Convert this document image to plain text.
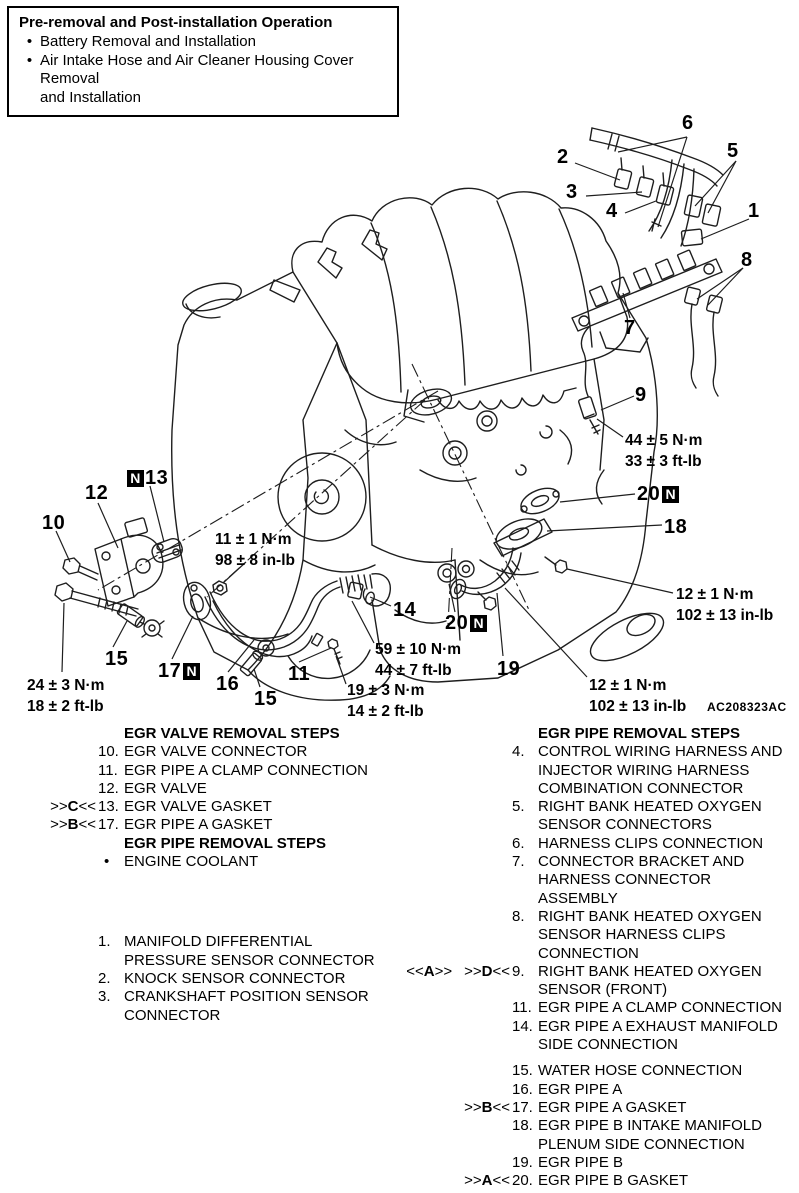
Pre-removal and Post-installation Operation
• Battery Removal and Installation
• Air Intake Hose and Air Cleaner Housing Cover Removal
and Installation
1
2
3
4
5
6
7
8
9
10
11
12
N 13
14
15
15
16
17 N
18
19
20 N
20 N
44 ± 5 N·m
33 ± 3 ft-lb
11 ± 1 N·m
98 ± 8 in-lb
24 ± 3 N·m
18 ± 2 ft-lb
59 ± 10 N·m
44 ± 7 ft-lb
19 ± 3 N·m
14 ± 2 ft-lb
12 ± 1 N·m
102 ± 13 in-lb
12 ± 1 N·m
102 ± 13 in-lb AC208323AC
EGR VALVE REMOVAL STEPS
10. EGR VALVE CONNECTOR
11. EGR PIPE A CLAMP CONNECTION
12. EGR VALVE
>>C<< 13. EGR VALVE GASKET
>>B<< 17. EGR PIPE A GASKET
EGR PIPE REMOVAL STEPS
• ENGINE COOLANT
1. MANIFOLD DIFFERENTIAL
PRESSURE SENSOR CONNECTOR
2. KNOCK SENSOR CONNECTOR
3. CRANKSHAFT POSITION SENSOR
CONNECTOR
EGR PIPE REMOVAL STEPS
4. CONTROL WIRING HARNESS AND
INJECTOR WIRING HARNESS
COMBINATION CONNECTOR
5. RIGHT BANK HEATED OXYGEN
SENSOR CONNECTORS
6. HARNESS CLIPS CONNECTION
7. CONNECTOR BRACKET AND
HARNESS CONNECTOR
ASSEMBLY
8. RIGHT BANK HEATED OXYGEN
SENSOR HARNESS CLIPS
CONNECTION
<<A>> >>D<< 9. RIGHT BANK HEATED OXYGEN
SENSOR (FRONT)
11. EGR PIPE A CLAMP CONNECTION
14. EGR PIPE A EXHAUST MANIFOLD
SIDE CONNECTION
15. WATER HOSE CONNECTION
16. EGR PIPE A
>>B<< 17. EGR PIPE A GASKET
18. EGR PIPE B INTAKE MANIFOLD
PLENUM SIDE CONNECTION
19. EGR PIPE B
>>A<< 20. EGR PIPE B GASKET
